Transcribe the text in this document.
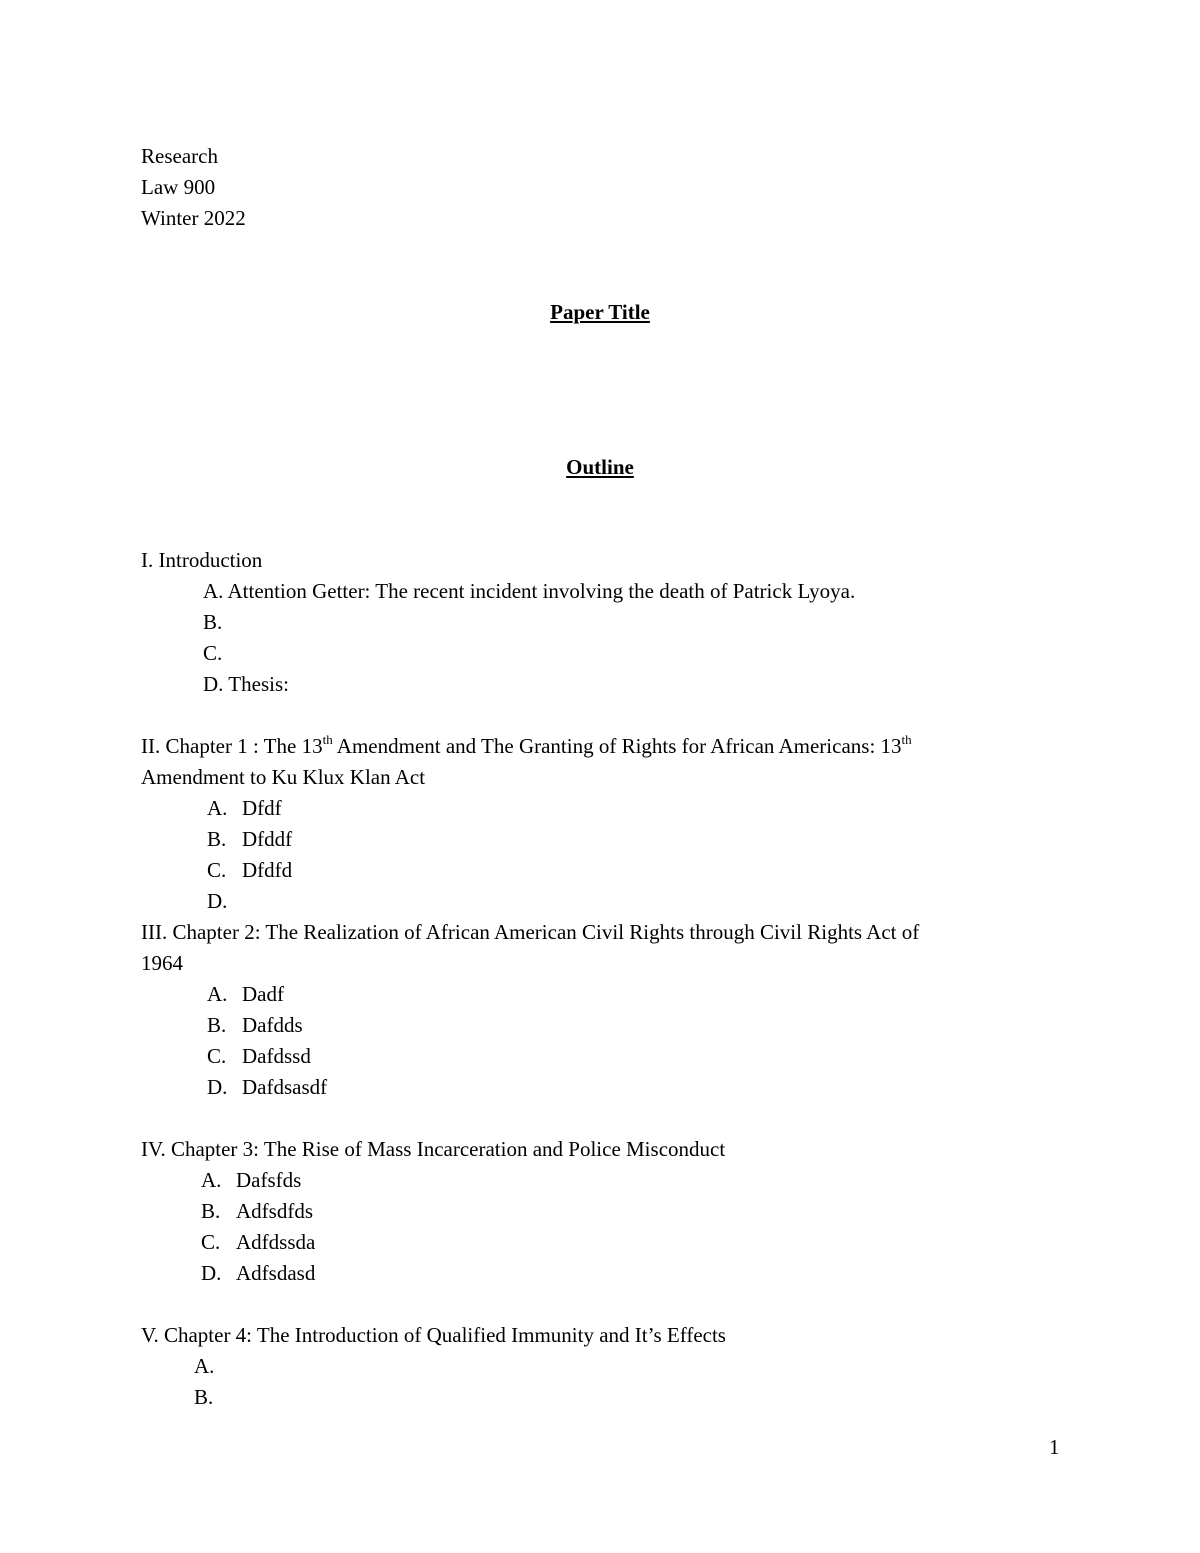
Research
Law 900
Winter 2022
Paper Title
Outline
I. Introduction
A. Attention Getter: The recent incident involving the death of Patrick Lyoya.
B.
C.
D. Thesis:
II. Chapter 1 : The 13th Amendment and The Granting of Rights for African Americans: 13th
Amendment to Ku Klux Klan Act
A. Dfdf
B. Dfddf
C. Dfdfd
D.
III. Chapter 2: The Realization of African American Civil Rights through Civil Rights Act of
1964
A. Dadf
B. Dafdds
C. Dafdssd
D. Dafdsasdf
IV. Chapter 3: The Rise of Mass Incarceration and Police Misconduct
A. Dafsfds
B. Adfsdfds
C. Adfdssda
D. Adfsdasd
V. Chapter 4: The Introduction of Qualified Immunity and It’s Effects
A.
B.
1
